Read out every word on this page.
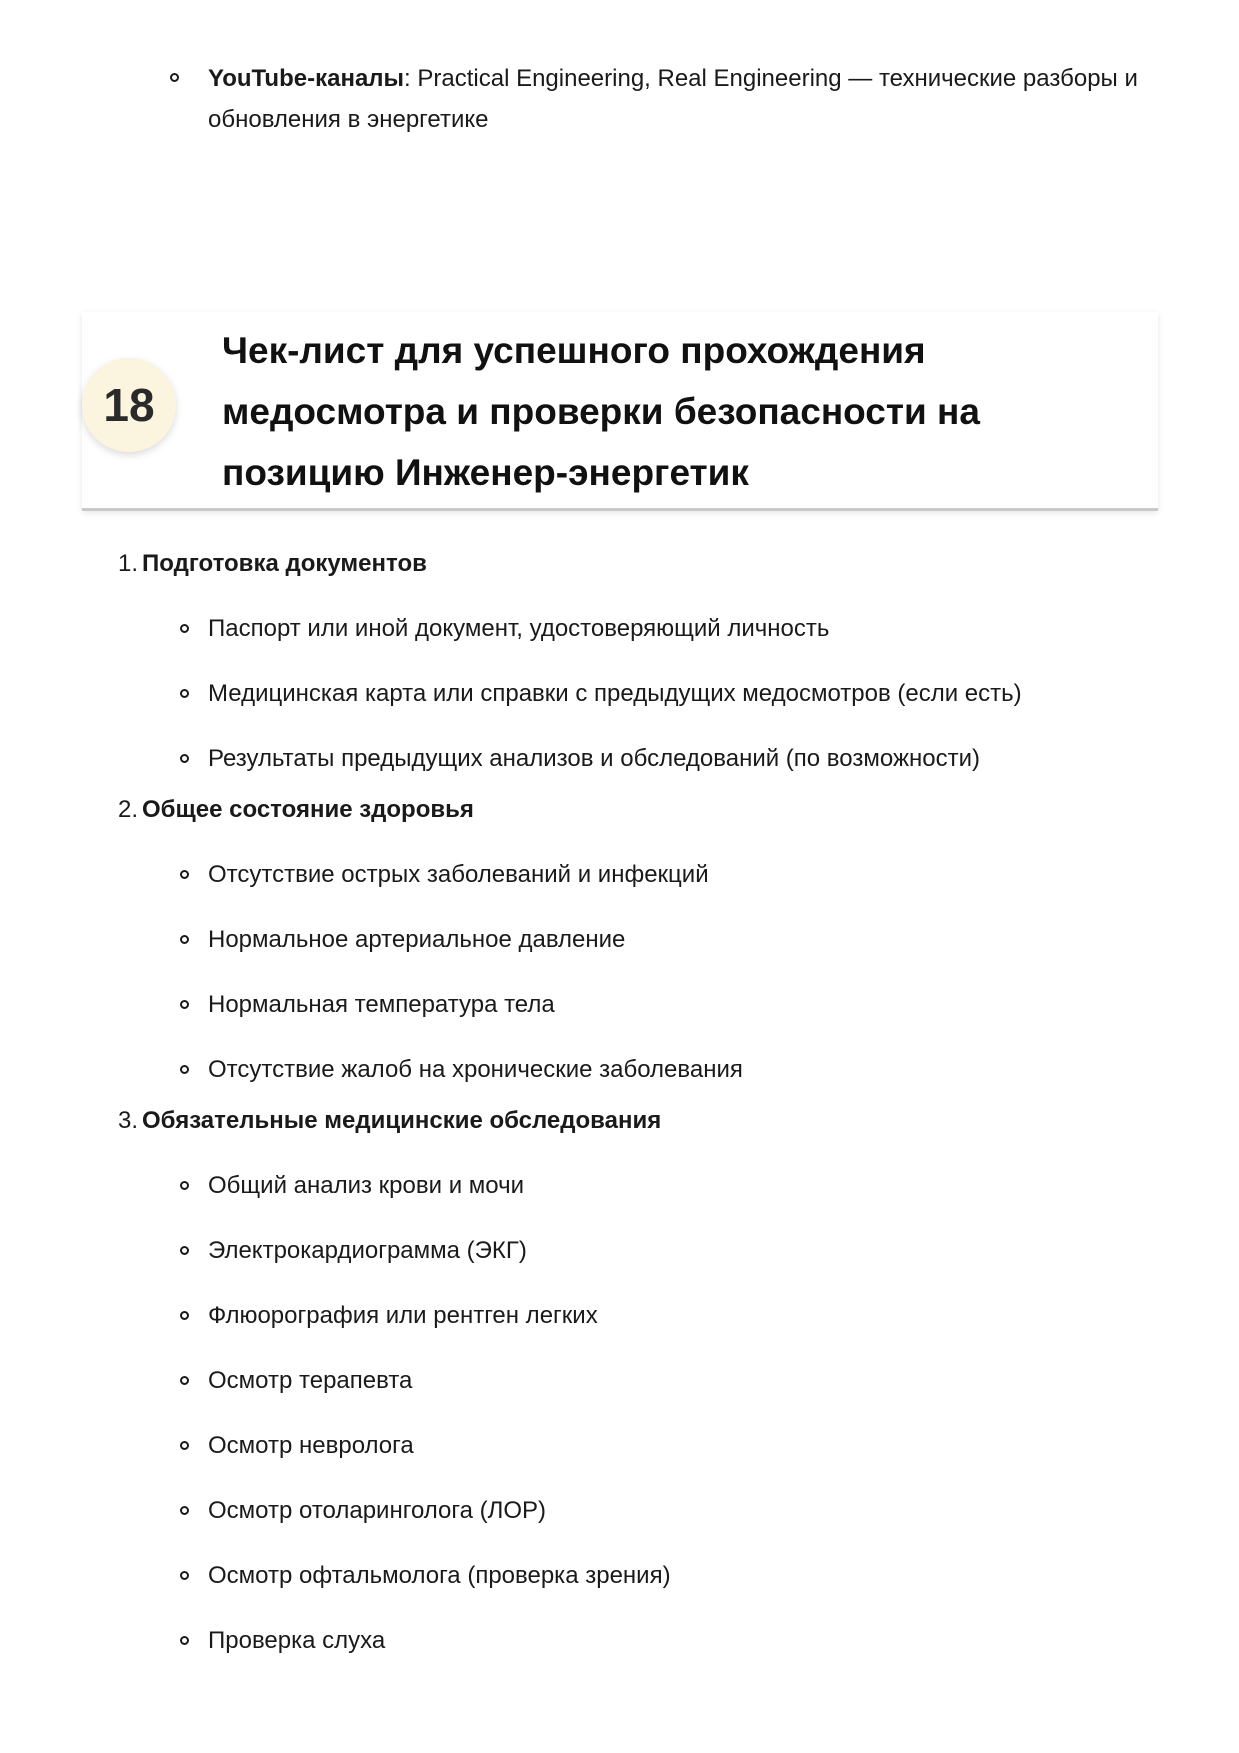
YouTube-каналы: Practical Engineering, Real Engineering — технические разборы и обновления в энергетике
18
Чек-лист для успешного прохождения медосмотра и проверки безопасности на позицию Инженер-энергетик
1. Подготовка документов
Паспорт или иной документ, удостоверяющий личность
Медицинская карта или справки с предыдущих медосмотров (если есть)
Результаты предыдущих анализов и обследований (по возможности)
2. Общее состояние здоровья
Отсутствие острых заболеваний и инфекций
Нормальное артериальное давление
Нормальная температура тела
Отсутствие жалоб на хронические заболевания
3. Обязательные медицинские обследования
Общий анализ крови и мочи
Электрокардиограмма (ЭКГ)
Флюорография или рентген легких
Осмотр терапевта
Осмотр невролога
Осмотр отоларинголога (ЛОР)
Осмотр офтальмолога (проверка зрения)
Проверка слуха
